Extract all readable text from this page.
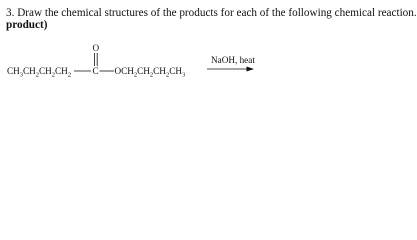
3. Draw the chemical structures of the products for each of the following chemical reaction.
product)
$CH_3CH_2CH_2CH_2$
O
C $OCH_2CH_2CH_2CH_3$
NaOH, heat
